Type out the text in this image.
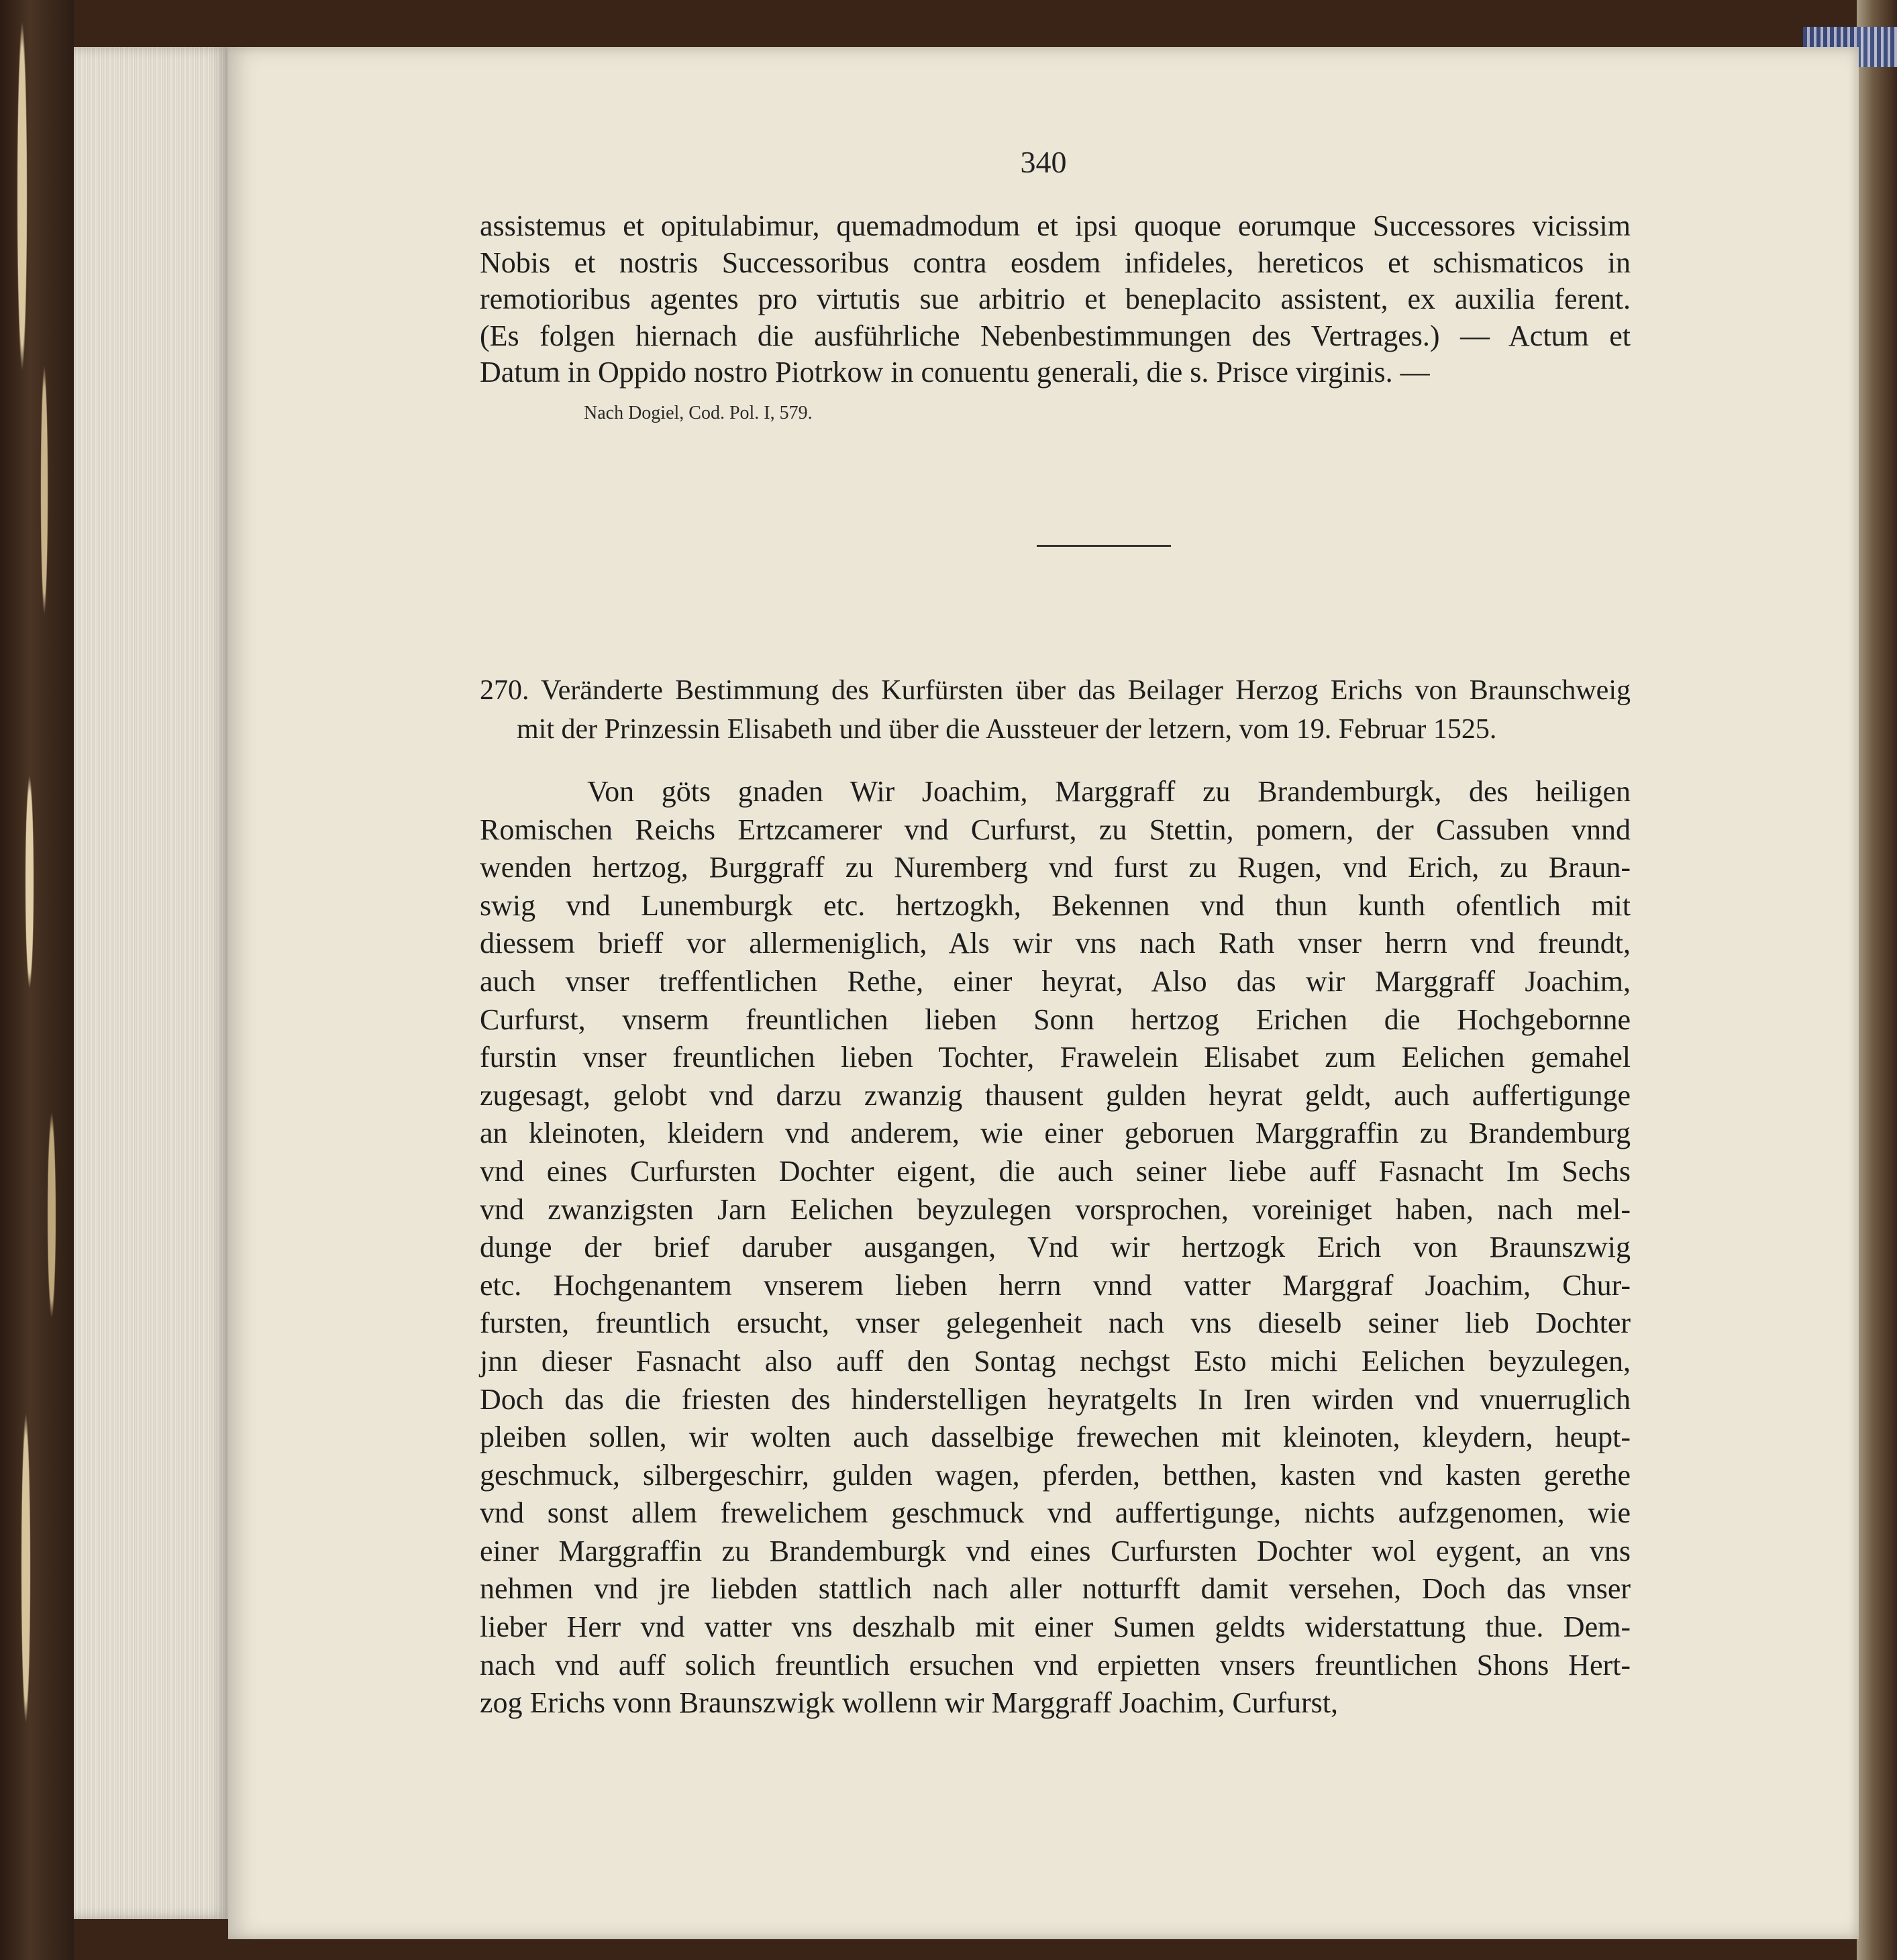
340
assistemus et opitulabimur, quemadmodum et ipsi quoque eorumque Successores vicissim
Nobis et nostris Successoribus contra eosdem infideles, hereticos et schismaticos in
remotioribus agentes pro virtutis sue arbitrio et beneplacito assistent, ex auxilia ferent.
(Es folgen hiernach die ausführliche Nebenbestimmungen des Vertrages.) — Actum et
Datum in Oppido nostro Piotrkow in conuentu generali, die s. Prisce virginis. —
Nach Dogiel, Cod. Pol. I, 579.
270. Veränderte Bestimmung des Kurfürsten über das Beilager Herzog Erichs von Braunschweig
mit der Prinzessin Elisabeth und über die Aussteuer der letzern, vom 19. Februar 1525.
Von göts gnaden Wir Joachim, Marggraff zu Brandemburgk, des heiligen
Romischen Reichs Ertzcamerer vnd Curfurst, zu Stettin, pomern, der Cassuben vnnd
wenden hertzog, Burggraff zu Nuremberg vnd furst zu Rugen, vnd Erich, zu Braun-
swig vnd Lunemburgk etc. hertzogkh, Bekennen vnd thun kunth ofentlich mit
diessem brieff vor allermeniglich, Als wir vns nach Rath vnser herrn vnd freundt,
auch vnser treffentlichen Rethe, einer heyrat, Also das wir Marggraff Joachim,
Curfurst, vnserm freuntlichen lieben Sonn hertzog Erichen die Hochgebornne
furstin vnser freuntlichen lieben Tochter, Frawelein Elisabet zum Eelichen gemahel
zugesagt, gelobt vnd darzu zwanzig thausent gulden heyrat geldt, auch auffertigunge
an kleinoten, kleidern vnd anderem, wie einer geboruen Marggraffin zu Brandemburg
vnd eines Curfursten Dochter eigent, die auch seiner liebe auff Fasnacht Im Sechs
vnd zwanzigsten Jarn Eelichen beyzulegen vorsprochen, voreiniget haben, nach mel-
dunge der brief daruber ausgangen, Vnd wir hertzogk Erich von Braunszwig
etc. Hochgenantem vnserem lieben herrn vnnd vatter Marggraf Joachim, Chur-
fursten, freuntlich ersucht, vnser gelegenheit nach vns dieselb seiner lieb Dochter
jnn dieser Fasnacht also auff den Sontag nechgst Esto michi Eelichen beyzulegen,
Doch das die friesten des hinderstelligen heyratgelts In Iren wirden vnd vnuerruglich
pleiben sollen, wir wolten auch dasselbige frewechen mit kleinoten, kleydern, heupt-
geschmuck, silbergeschirr, gulden wagen, pferden, betthen, kasten vnd kasten gerethe
vnd sonst allem frewelichem geschmuck vnd auffertigunge, nichts aufzgenomen, wie
einer Marggraffin zu Brandemburgk vnd eines Curfursten Dochter wol eygent, an vns
nehmen vnd jre liebden stattlich nach aller notturfft damit versehen, Doch das vnser
lieber Herr vnd vatter vns deszhalb mit einer Sumen geldts widerstattung thue. Dem-
nach vnd auff solich freuntlich ersuchen vnd erpietten vnsers freuntlichen Shons Hert-
zog Erichs vonn Braunszwigk wollenn wir Marggraff Joachim, Curfurst,
